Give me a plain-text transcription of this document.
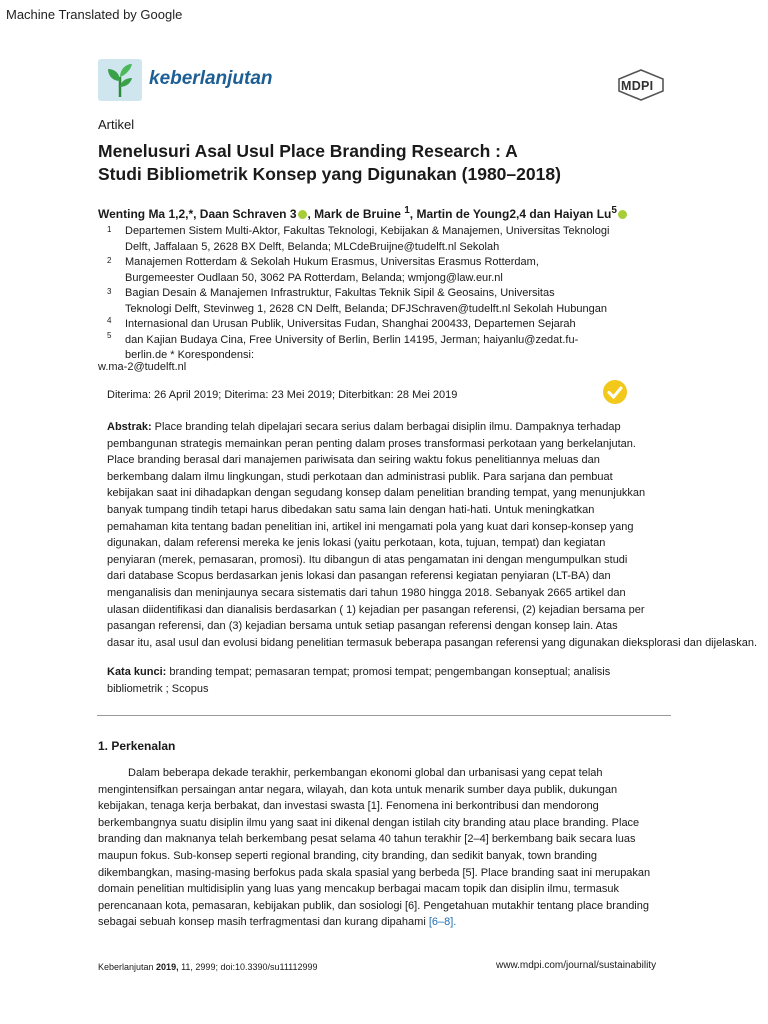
Machine Translated by Google
keberlanjutan	MDPI
Artikel
Menelusuri Asal Usul Place Branding Research : A
Studi Bibliometrik Konsep yang Digunakan (1980–2018)
Wenting Ma 1,2,*, Daan Schraven 3 , Mark de Bruine $^1$, Martin de Young2,4 dan Haiyan Lu$^5$
1
2
3
4
5
Departemen Sistem Multi-Aktor, Fakultas Teknologi, Kebijakan & Manajemen, Universitas Teknologi
Delft, Jaffalaan 5, 2628 BX Delft, Belanda; MLCdeBruijne@tudelft.nl Sekolah
Manajemen Rotterdam & Sekolah Hukum Erasmus, Universitas Erasmus Rotterdam,
Burgemeester Oudlaan 50, 3062 PA Rotterdam, Belanda; wmjong@law.eur.nl
Bagian Desain & Manajemen Infrastruktur, Fakultas Teknik Sipil & Geosains, Universitas
Teknologi Delft, Stevinweg 1, 2628 CN Delft, Belanda; DFJSchraven@tudelft.nl Sekolah Hubungan
Internasional dan Urusan Publik, Universitas Fudan, Shanghai 200433, Departemen Sejarah
dan Kajian Budaya Cina, Free University of Berlin, Berlin 14195, Jerman; haiyanlu@zedat.fu-
berlin.de * Korespondensi:
w.ma-2@tudelft.nl
Diterima: 26 April 2019; Diterima: 23 Mei 2019; Diterbitkan: 28 Mei 2019
Abstrak: Place branding telah dipelajari secara serius dalam berbagai disiplin ilmu. Dampaknya terhadap
pembangunan strategis memainkan peran penting dalam proses transformasi perkotaan yang berkelanjutan.
Place branding berasal dari manajemen pariwisata dan seiring waktu fokus penelitiannya meluas dan
berkembang dalam ilmu lingkungan, studi perkotaan dan administrasi publik. Para sarjana dan pembuat
kebijakan saat ini dihadapkan dengan segudang konsep dalam penelitian branding tempat, yang menunjukkan
banyak tumpang tindih tetapi harus dibedakan satu sama lain dengan hati-hati. Untuk meningkatkan
pemahaman kita tentang badan penelitian ini, artikel ini mengamati pola yang kuat dari konsep-konsep yang
digunakan, dalam referensi mereka ke jenis lokasi (yaitu perkotaan, kota, tujuan, tempat) dan kegiatan
penyiaran (merek, pemasaran, promosi). Itu dibangun di atas pengamatan ini dengan mengumpulkan studi
dari database Scopus berdasarkan jenis lokasi dan pasangan referensi kegiatan penyiaran (LT-BA) dan
menganalisis dan meninjaunya secara sistematis dari tahun 1980 hingga 2018. Sebanyak 2665 artikel dan
ulasan diidentifikasi dan dianalisis berdasarkan ( 1) kejadian per pasangan referensi, (2) kejadian bersama per
pasangan referensi, dan (3) kejadian bersama untuk setiap pasangan referensi dengan konsep lain. Atas
dasar itu, asal usul dan evolusi bidang penelitian termasuk beberapa pasangan referensi yang digunakan dieksplorasi dan dijelaskan.
Kata kunci: branding tempat; pemasaran tempat; promosi tempat; pengembangan konseptual; analisis
bibliometrik ; Scopus
1. Perkenalan
Dalam beberapa dekade terakhir, perkembangan ekonomi global dan urbanisasi yang cepat telah
mengintensifkan persaingan antar negara, wilayah, dan kota untuk menarik sumber daya publik, dukungan
kebijakan, tenaga kerja berbakat, dan investasi swasta [1]. Fenomena ini berkontribusi dan mendorong
berkembangnya suatu disiplin ilmu yang saat ini dikenal dengan istilah city branding atau place branding. Place
branding dan maknanya telah berkembang pesat selama 40 tahun terakhir [2–4] berkembang baik secara luas
maupun fokus. Sub-konsep seperti regional branding, city branding, dan sedikit banyak, town branding
dikembangkan, masing-masing berfokus pada skala spasial yang berbeda [5]. Place branding saat ini merupakan
domain penelitian multidisiplin yang luas yang mencakup berbagai macam topik dan disiplin ilmu, termasuk
perencanaan kota, pemasaran, kebijakan publik, dan sosiologi [6]. Pengetahuan mutakhir tentang place branding
sebagai sebuah konsep masih terfragmentasi dan kurang dipahami [6–8].
Keberlanjutan 2019, 11, 2999; doi:10.3390/su11112999	www.mdpi.com/journal/sustainability
